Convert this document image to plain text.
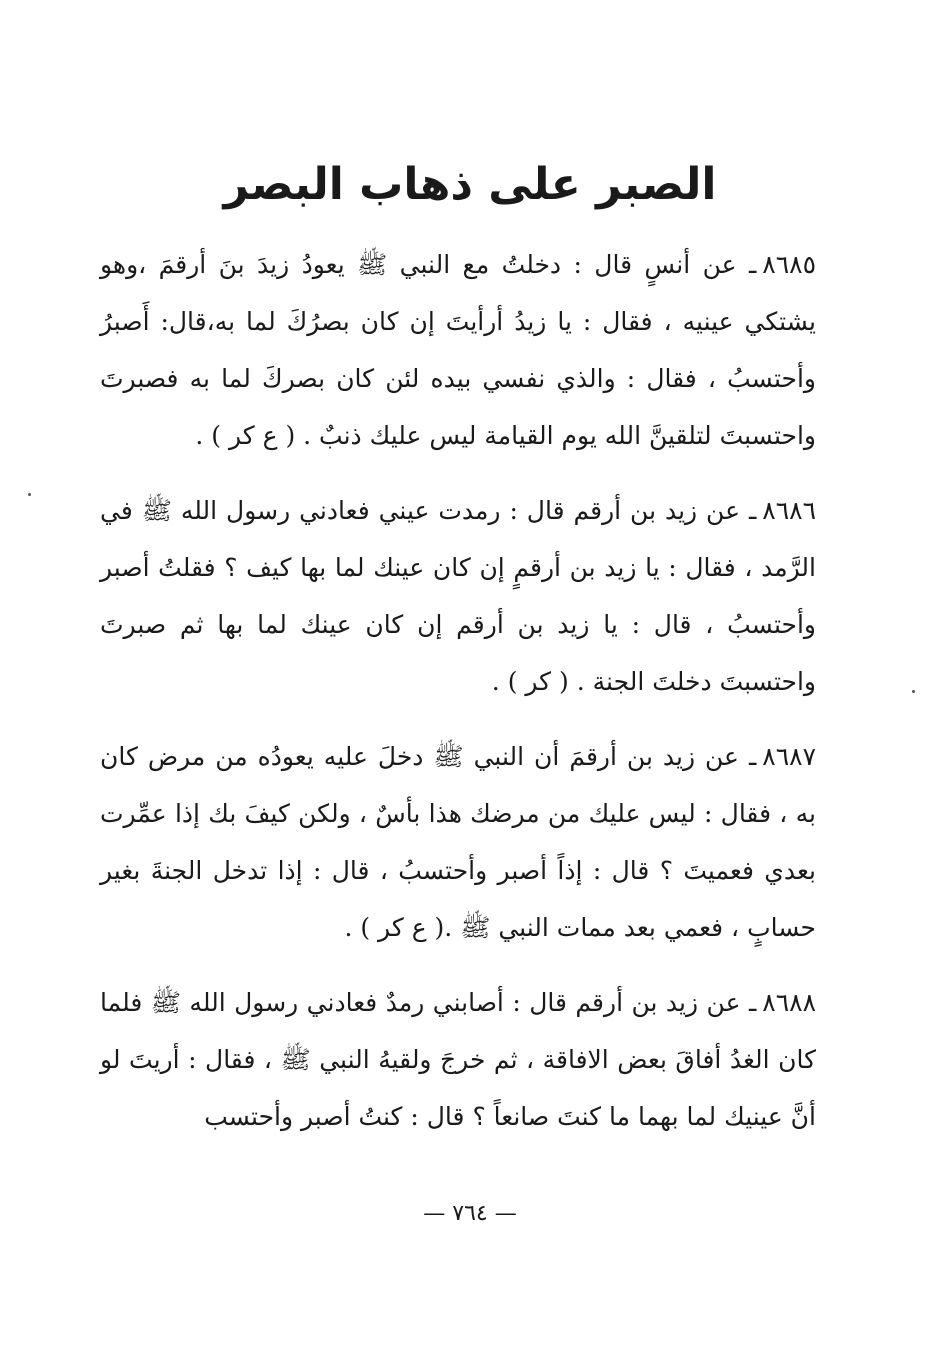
الصبر على ذهاب البصر

٨٦٨٥ـ عن أنسٍ قال : دخلتُ مع النبي ﷺ يعودُ زيدَ بنَ أرقمَ ،وهو يشتكي عينيه ، فقال : يا زيدُ أرأيتَ إن كان بصرُكَ لما به،قال: أَصبرُ وأحتسبُ ، فقال : والذي نفسي بيده لئن كان بصركَ لما به فصبرتَ واحتسبتَ لتلقينَّ الله يوم القيامة ليس عليك ذنبٌ . ( ع كر ) .

٨٦٨٦ـ عن زيد بن أرقم قال : رمدت عيني فعادني رسول الله ﷺ في الرَّمد ، فقال : يا زيد بن أرقمٍ إن كان عينك لما بها كيف ؟ فقلتُ أصبر وأحتسبُ ، قال : يا زيد بن أرقم إن كان عينك لما بها ثم صبرتَ واحتسبتَ دخلتَ الجنة . ( كر ) .

٨٦٨٧ـ عن زيد بن أرقمَ أن النبي ﷺ دخلَ عليه يعودُه من مرض كان به ، فقال : ليس عليك من مرضك هذا بأسٌ ، ولكن كيفَ بك إذا عمِّرت بعدي فعميتَ ؟ قال : إذاً أصبر وأحتسبُ ، قال : إذا تدخل الجنةَ بغير حسابٍ ، فعمي بعد ممات النبي ﷺ .( ع كر ) .

٨٦٨٨ـ عن زيد بن أرقم قال : أصابني رمدٌ فعادني رسول الله ﷺ فلما كان الغدُ أفاقَ بعض الافاقة ، ثم خرجَ ولقيهُ النبي ﷺ ، فقال : أريتَ لو أنَّ عينيك لما بهما ما كنتَ صانعاً ؟ قال : كنتُ أصبر وأحتسب

— ٧٦٤ —
